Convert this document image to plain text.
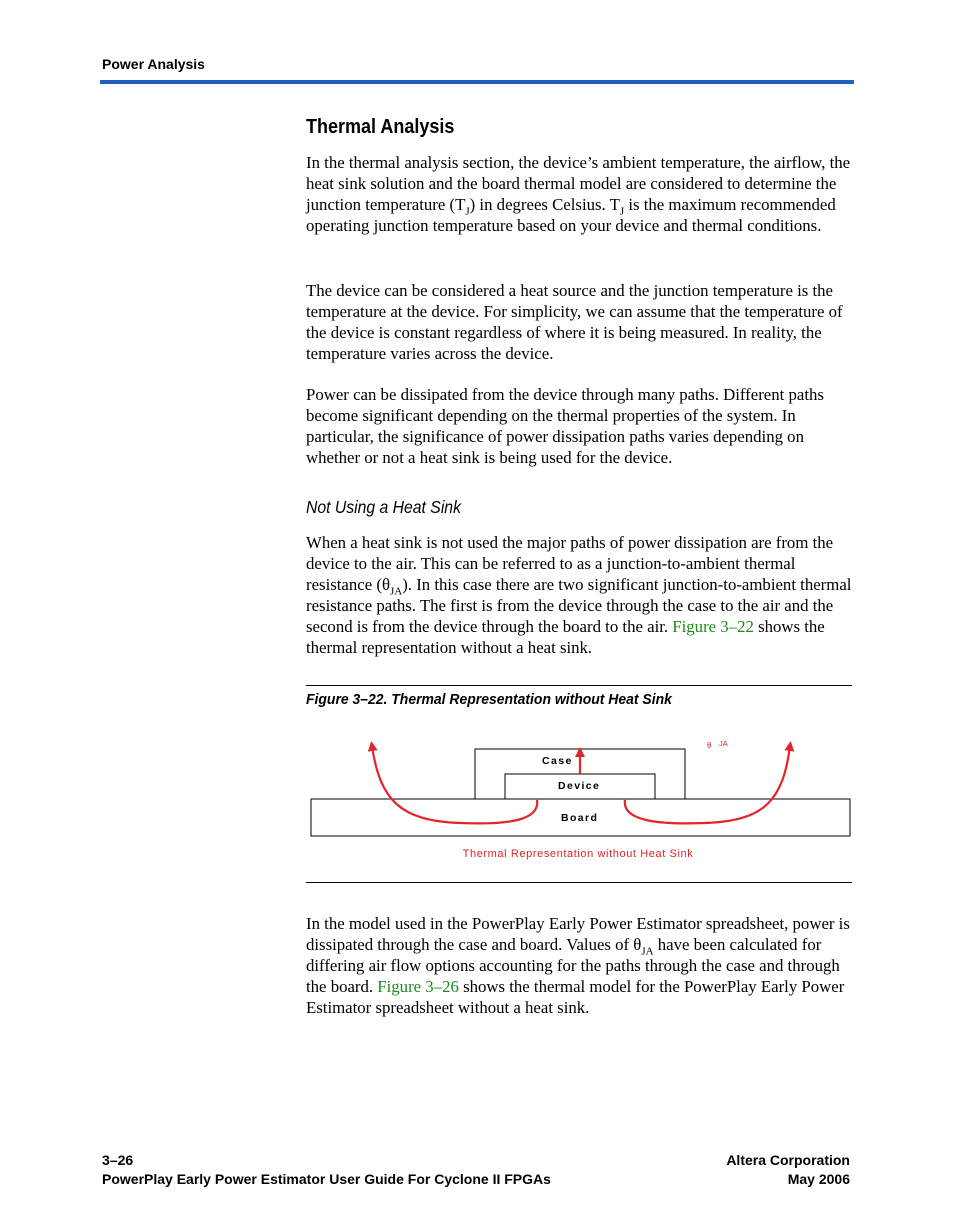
Power Analysis
Thermal Analysis

In the thermal analysis section, the device’s ambient temperature, the airflow, the heat sink solution and the board thermal model are considered to determine the junction temperature $(T_J)$ in degrees Celsius. $T_J$ is the maximum recommended operating junction temperature based on your device and thermal conditions.

The device can be considered a heat source and the junction temperature is the temperature at the device. For simplicity, we can assume that the temperature of the device is constant regardless of where it is being measured. In reality, the temperature varies across the device.

Power can be dissipated from the device through many paths. Different paths become significant depending on the thermal properties of the system. In particular, the significance of power dissipation paths varies depending on whether or not a heat sink is being used for the device.

Not Using a Heat Sink

When a heat sink is not used the major paths of power dissipation are from the device to the air. This can be referred to as a junction-to-ambient thermal resistance $(\theta_{JA})$. In this case there are two significant junction-to-ambient thermal resistance paths. The first is from the device through the case to the air and the second is from the device through the board to the air. Figure 3–22 shows the thermal representation without a heat sink.

Figure 3–22. Thermal Representation without Heat Sink
Case
Device
Board
θ JA
Thermal Representation without Heat Sink

In the model used in the PowerPlay Early Power Estimator spreadsheet, power is dissipated through the case and board. Values of $\theta_{JA}$ have been calculated for differing air flow options accounting for the paths through the case and through the board. Figure 3–26 shows the thermal model for the PowerPlay Early Power Estimator spreadsheet without a heat sink.

3–26
PowerPlay Early Power Estimator User Guide For Cyclone II FPGAs
Altera Corporation
May 2006
